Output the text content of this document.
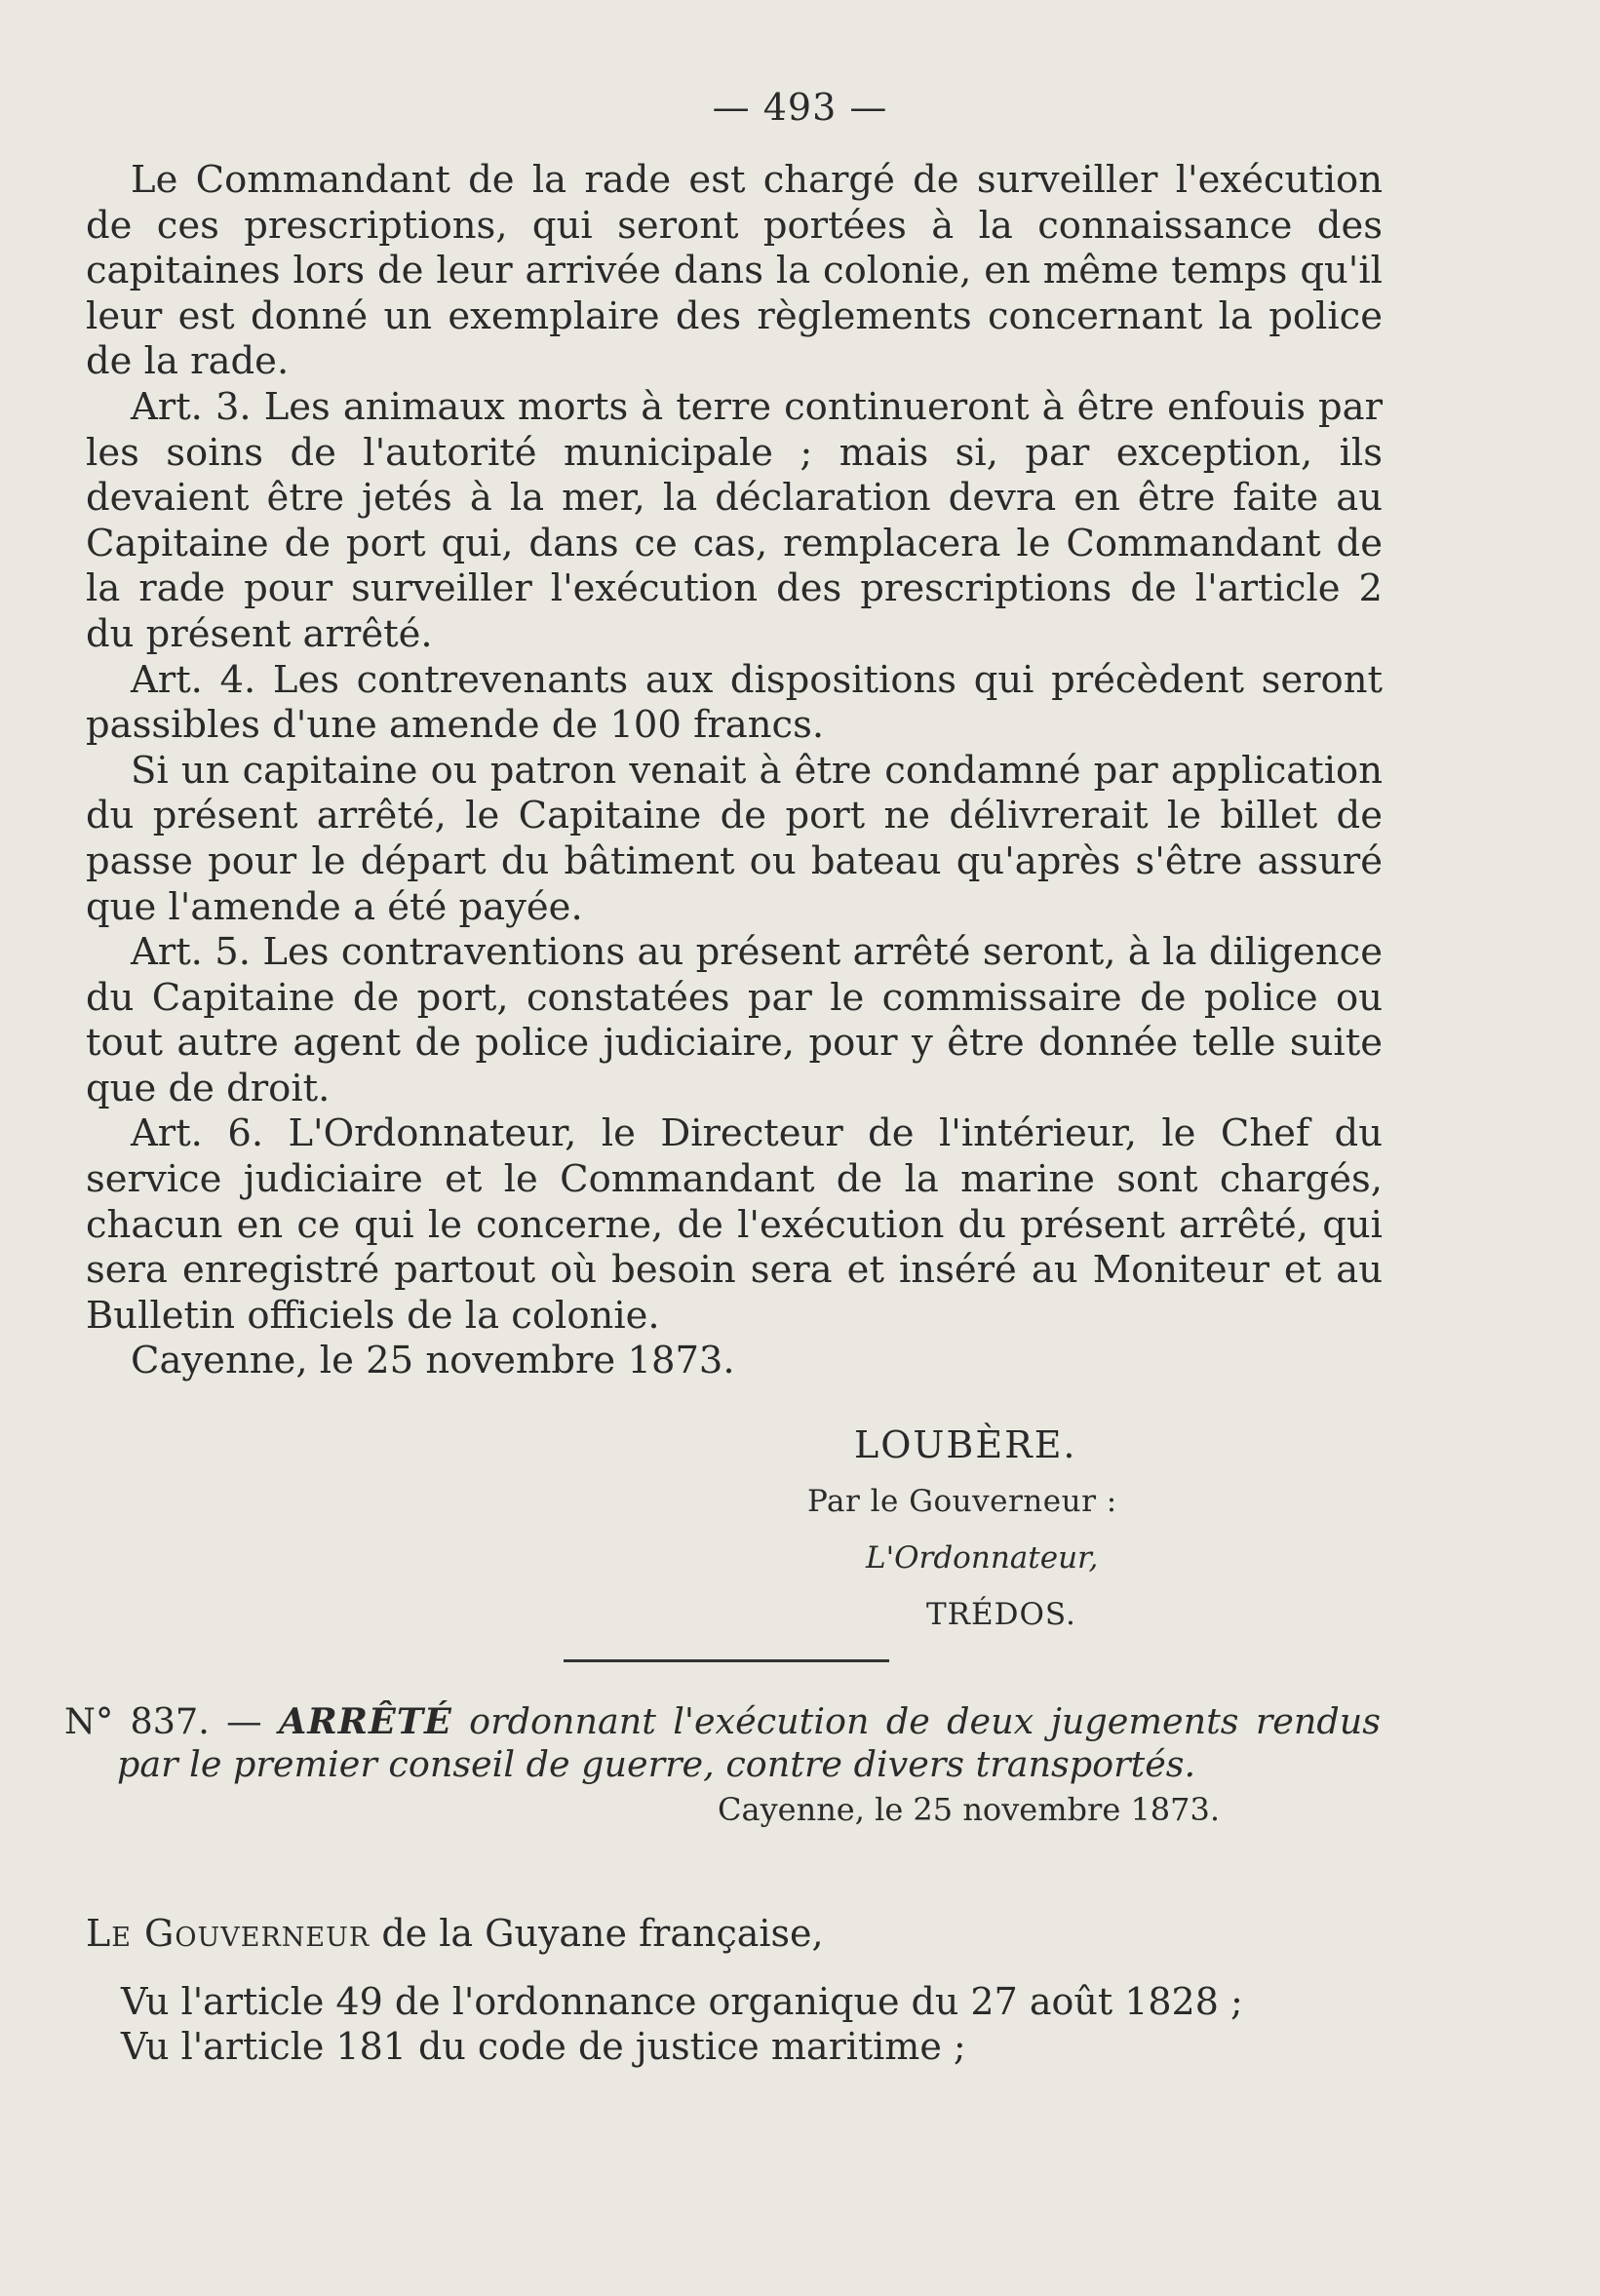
— 493 —

Le Commandant de la rade est chargé de surveiller l'exécution de ces prescriptions, qui seront portées à la connaissance des capitaines lors de leur arrivée dans la colonie, en même temps qu'il leur est donné un exemplaire des règlements concernant la police de la rade.

Art. 3. Les animaux morts à terre continueront à être enfouis par les soins de l'autorité municipale ; mais si, par exception, ils devaient être jetés à la mer, la déclaration devra en être faite au Capitaine de port qui, dans ce cas, remplacera le Commandant de la rade pour surveiller l'exécution des prescriptions de l'article 2 du présent arrêté.

Art. 4. Les contrevenants aux dispositions qui précèdent seront passibles d'une amende de 100 francs.

Si un capitaine ou patron venait à être condamné par application du présent arrêté, le Capitaine de port ne délivrerait le billet de passe pour le départ du bâtiment ou bateau qu'après s'être assuré que l'amende a été payée.

Art. 5. Les contraventions au présent arrêté seront, à la diligence du Capitaine de port, constatées par le commissaire de police ou tout autre agent de police judiciaire, pour y être donnée telle suite que de droit.

Art. 6. L'Ordonnateur, le Directeur de l'intérieur, le Chef du service judiciaire et le Commandant de la marine sont chargés, chacun en ce qui le concerne, de l'exécution du présent arrêté, qui sera enregistré partout où besoin sera et inséré au Moniteur et au Bulletin officiels de la colonie.

Cayenne, le 25 novembre 1873.

LOUBÈRE.
Par le Gouverneur :
L'Ordonnateur,
TRÉDOS.

N° 837. — ARRÊTÉ ordonnant l'exécution de deux jugements rendus par le premier conseil de guerre, contre divers transportés.

Cayenne, le 25 novembre 1873.

Le Gouverneur de la Guyane française,

Vu l'article 49 de l'ordonnance organique du 27 août 1828 ;

Vu l'article 181 du code de justice maritime ;
